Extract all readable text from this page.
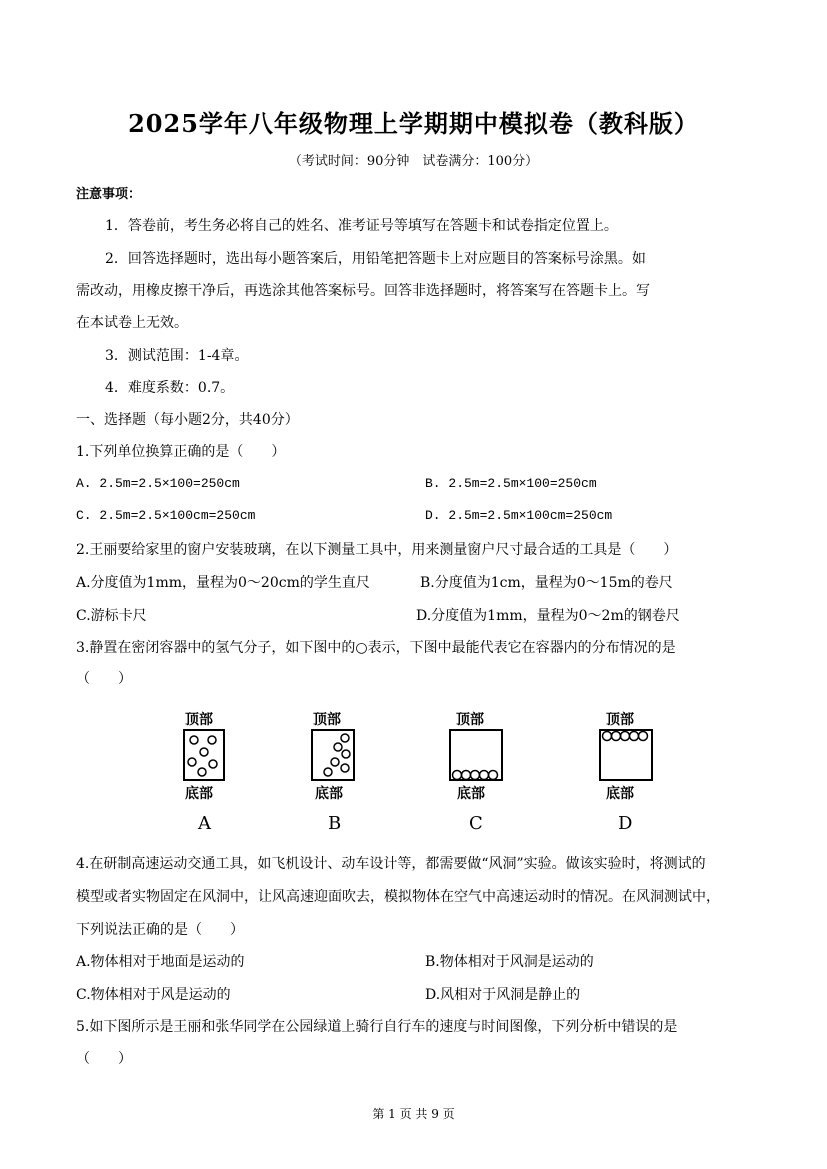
2025学年八年级物理上学期期中模拟卷（教科版）
（考试时间：90分钟　试卷满分：100分）
注意事项：
1．答卷前，考生务必将自己的姓名、准考证号等填写在答题卡和试卷指定位置上。
2．回答选择题时，选出每小题答案后，用铅笔把答题卡上对应题目的答案标号涂黑。如
需改动，用橡皮擦干净后，再选涂其他答案标号。回答非选择题时，将答案写在答题卡上。写
在本试卷上无效。
3．测试范围：1-4章。
4．难度系数：0.7。
一、选择题（每小题2分，共40分）
1.下列单位换算正确的是（　　）
A. 2.5m=2.5×100=250cm	B. 2.5m=2.5m×100=250cm
C. 2.5m=2.5×100cm=250cm	D. 2.5m=2.5m×100cm=250cm
2.王丽要给家里的窗户安装玻璃，在以下测量工具中，用来测量窗户尺寸最合适的工具是（　　）
A.分度值为1mm，量程为0～20cm的学生直尺	B.分度值为1cm，量程为0～15m的卷尺
C.游标卡尺	D.分度值为1mm，量程为0～2m的钢卷尺
3.静置在密闭容器中的氢气分子，如下图中的○表示，下图中最能代表它在容器内的分布情况的是
（　　）
顶部
底部
A
顶部
底部
B
顶部
底部
C
顶部
底部
D
4.在研制高速运动交通工具，如飞机设计、动车设计等，都需要做“风洞”实验。做该实验时，将测试的
模型或者实物固定在风洞中，让风高速迎面吹去，模拟物体在空气中高速运动时的情况。在风洞测试中，
下列说法正确的是（　　）
A.物体相对于地面是运动的	B.物体相对于风洞是运动的
C.物体相对于风是运动的	D.风相对于风洞是静止的
5.如下图所示是王丽和张华同学在公园绿道上骑行自行车的速度与时间图像，下列分析中错误的是
（　　）
第 1 页 共 9 页
